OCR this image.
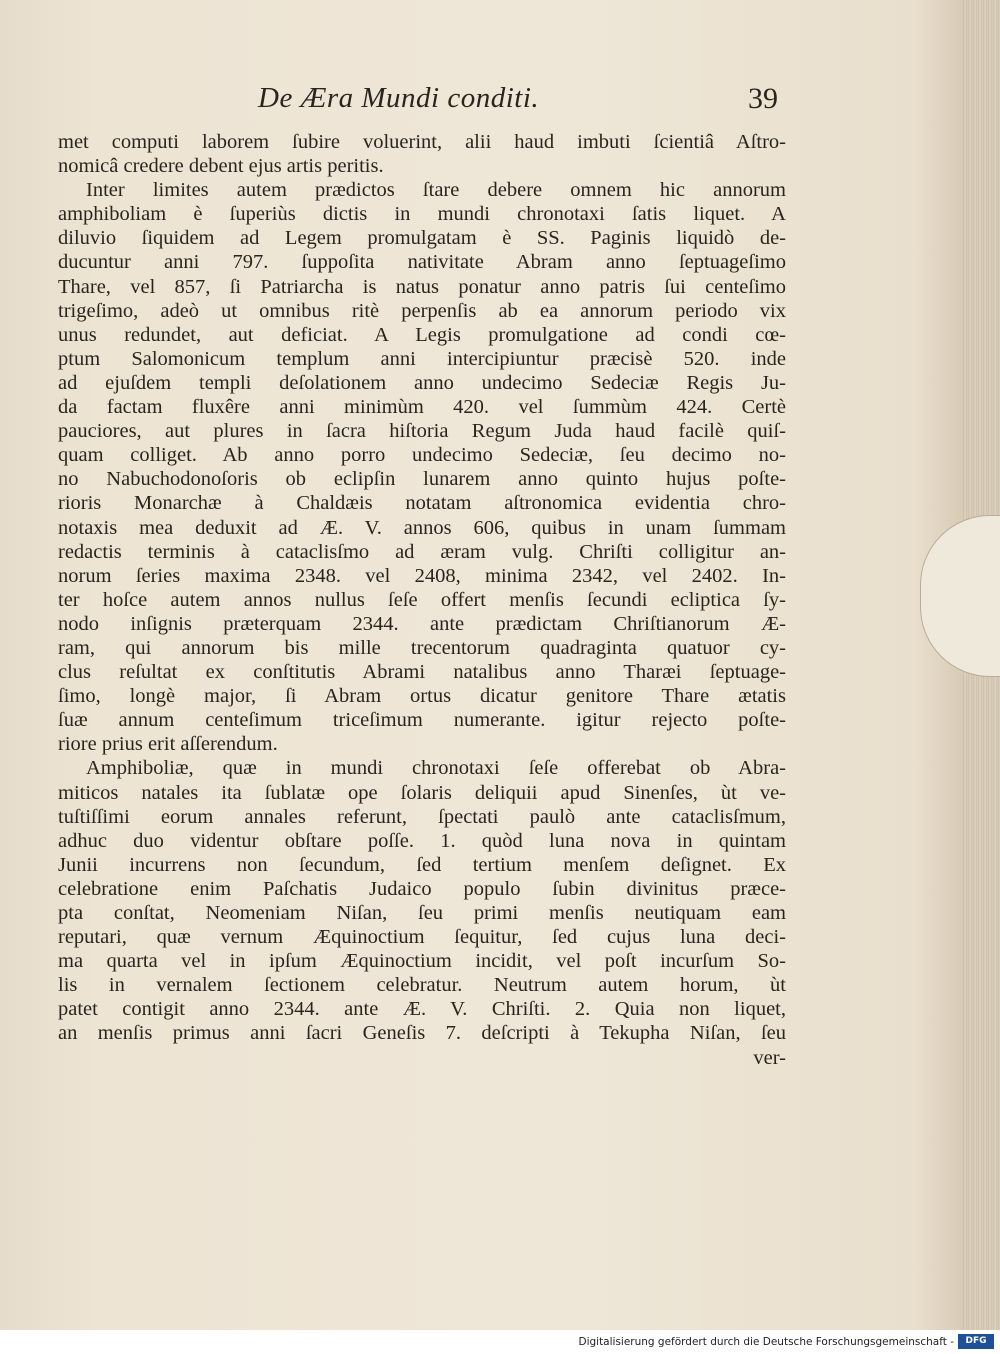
De Æra Mundi conditi.	39
met computi laborem ſubire voluerint, alii haud imbuti ſcientiâ Aſtro-
nomicâ credere debent ejus artis peritis.
Inter limites autem prædictos ſtare debere omnem hic annorum
amphiboliam è ſuperiùs dictis in mundi chronotaxi ſatis liquet. A
diluvio ſiquidem ad Legem promulgatam è SS. Paginis liquidò de-
ducuntur anni 797. ſuppoſita nativitate Abram anno ſeptuageſimo
Thare, vel 857, ſi Patriarcha is natus ponatur anno patris ſui centeſimo
trigeſimo, adeò ut omnibus ritè perpenſis ab ea annorum periodo vix
unus redundet, aut deficiat. A Legis promulgatione ad condi cœ-
ptum Salomonicum templum anni intercipiuntur præcisè 520. inde
ad ejuſdem templi deſolationem anno undecimo Sedeciæ Regis Ju-
da factam fluxêre anni minimùm 420. vel ſummùm 424. Certè
pauciores, aut plures in ſacra hiſtoria Regum Juda haud facilè quiſ-
quam colliget. Ab anno porro undecimo Sedeciæ, ſeu decimo no-
no Nabuchodonoſoris ob eclipſin lunarem anno quinto hujus poſte-
rioris Monarchæ à Chaldæis notatam aſtronomica evidentia chro-
notaxis mea deduxit ad Æ. V. annos 606, quibus in unam ſummam
redactis terminis à cataclisſmo ad æram vulg. Chriſti colligitur an-
norum ſeries maxima 2348. vel 2408, minima 2342, vel 2402. In-
ter hoſce autem annos nullus ſeſe offert menſis ſecundi ecliptica ſy-
nodo inſignis præterquam 2344. ante prædictam Chriſtianorum Æ-
ram, qui annorum bis mille trecentorum quadraginta quatuor cy-
clus reſultat ex conſtitutis Abrami natalibus anno Tharæi ſeptuage-
ſimo, longè major, ſi Abram ortus dicatur genitore Thare ætatis
ſuæ annum centeſimum triceſimum numerante. igitur rejecto poſte-
riore prius erit aſſerendum.
Amphiboliæ, quæ in mundi chronotaxi ſeſe offerebat ob Abra-
miticos natales ita ſublatæ ope ſolaris deliquii apud Sinenſes, ùt ve-
tuſtiſſimi eorum annales referunt, ſpectati paulò ante cataclisſmum,
adhuc duo videntur obſtare poſſe. 1. quòd luna nova in quintam
Junii incurrens non ſecundum, ſed tertium menſem deſignet. Ex
celebratione enim Paſchatis Judaico populo ſubin divinitus præce-
pta conſtat, Neomeniam Niſan, ſeu primi menſis neutiquam eam
reputari, quæ vernum Æquinoctium ſequitur, ſed cujus luna deci-
ma quarta vel in ipſum Æquinoctium incidit, vel poſt incurſum So-
lis in vernalem ſectionem celebratur. Neutrum autem horum, ùt
patet contigit anno 2344. ante Æ. V. Chriſti. 2. Quia non liquet,
an menſis primus anni ſacri Geneſis 7. deſcripti à Tekupha Niſan, ſeu
ver-
Digitalisierung gefördert durch die Deutsche Forschungsgemeinschaft -	DFG
